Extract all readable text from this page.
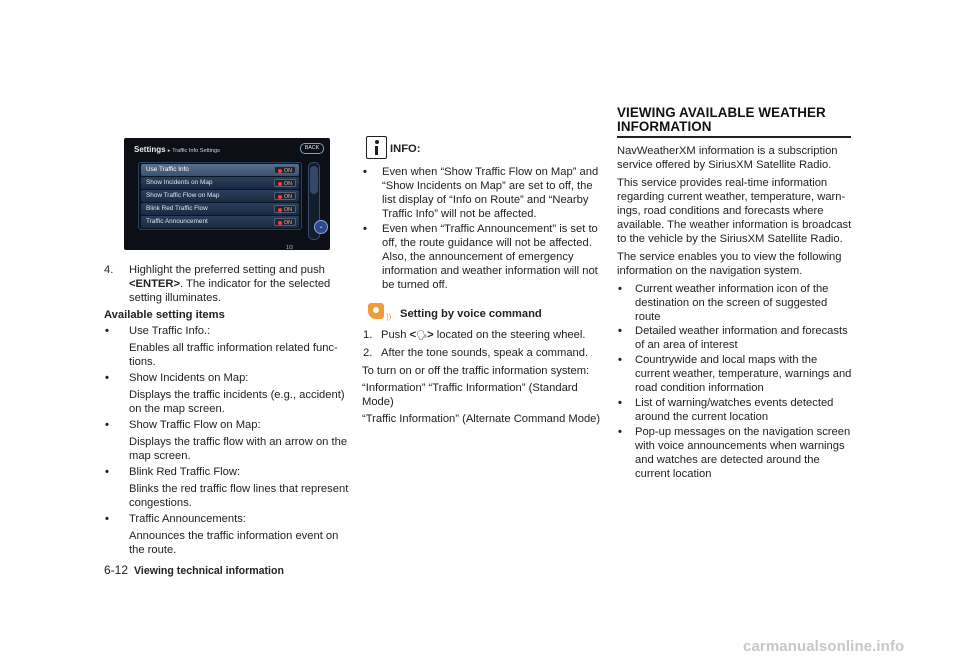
Settings ▸ Traffic Info Settings	BACK
Use Traffic Info	ON
Show Incidents on Map	ON
Show Traffic Flow on Map	ON
Blink Red Traffic Flow	ON
Traffic Announcement	ON
⌄
1/3
4. Highlight the preferred setting and push
<ENTER>. The indicator for the selected
setting illuminates.
Available setting items
• Use Traffic Info.:
Enables all traffic information related func-
tions.
• Show Incidents on Map:
Displays the traffic incidents (e.g., accident)
on the map screen.
• Show Traffic Flow on Map:
Displays the traffic flow with an arrow on the
map screen.
• Blink Red Traffic Flow:
Blinks the red traffic flow lines that represent
congestions.
• Traffic Announcements:
Announces the traffic information event on
the route.
INFO:
• Even when “Show Traffic Flow on Map” and
“Show Incidents on Map” are set to off, the
list display of “Info on Route” and “Nearby
Traffic Info” will not be affected.
• Even when “Traffic Announcement” is set to
off, the route guidance will not be affected.
Also, the announcement of emergency
information and weather information will not
be turned off.
)) Setting by voice command
1. Push <🗣> located on the steering wheel.
2. After the tone sounds, speak a command.
To turn on or off the traffic information system:
“Information” “Traffic Information” (Standard
Mode)
“Traffic Information” (Alternate Command Mode)
VIEWING AVAILABLE WEATHER
INFORMATION
NavWeatherXM information is a subscription
service offered by SiriusXM Satellite Radio.
This service provides real-time information
regarding current weather, temperature, warn-
ings, road conditions and forecasts where
available. The weather information is broadcast
to the vehicle by the SiriusXM Satellite Radio.
The service enables you to view the following
information on the navigation system.
• Current weather information icon of the
destination on the screen of suggested
route
• Detailed weather information and forecasts
of an area of interest
• Countrywide and local maps with the
current weather, temperature, warnings and
road condition information
• List of warning/watches events detected
around the current location
• Pop-up messages on the navigation screen
with voice announcements when warnings
and watches are detected around the
current location
6-12 Viewing technical information
carmanualsonline.info
